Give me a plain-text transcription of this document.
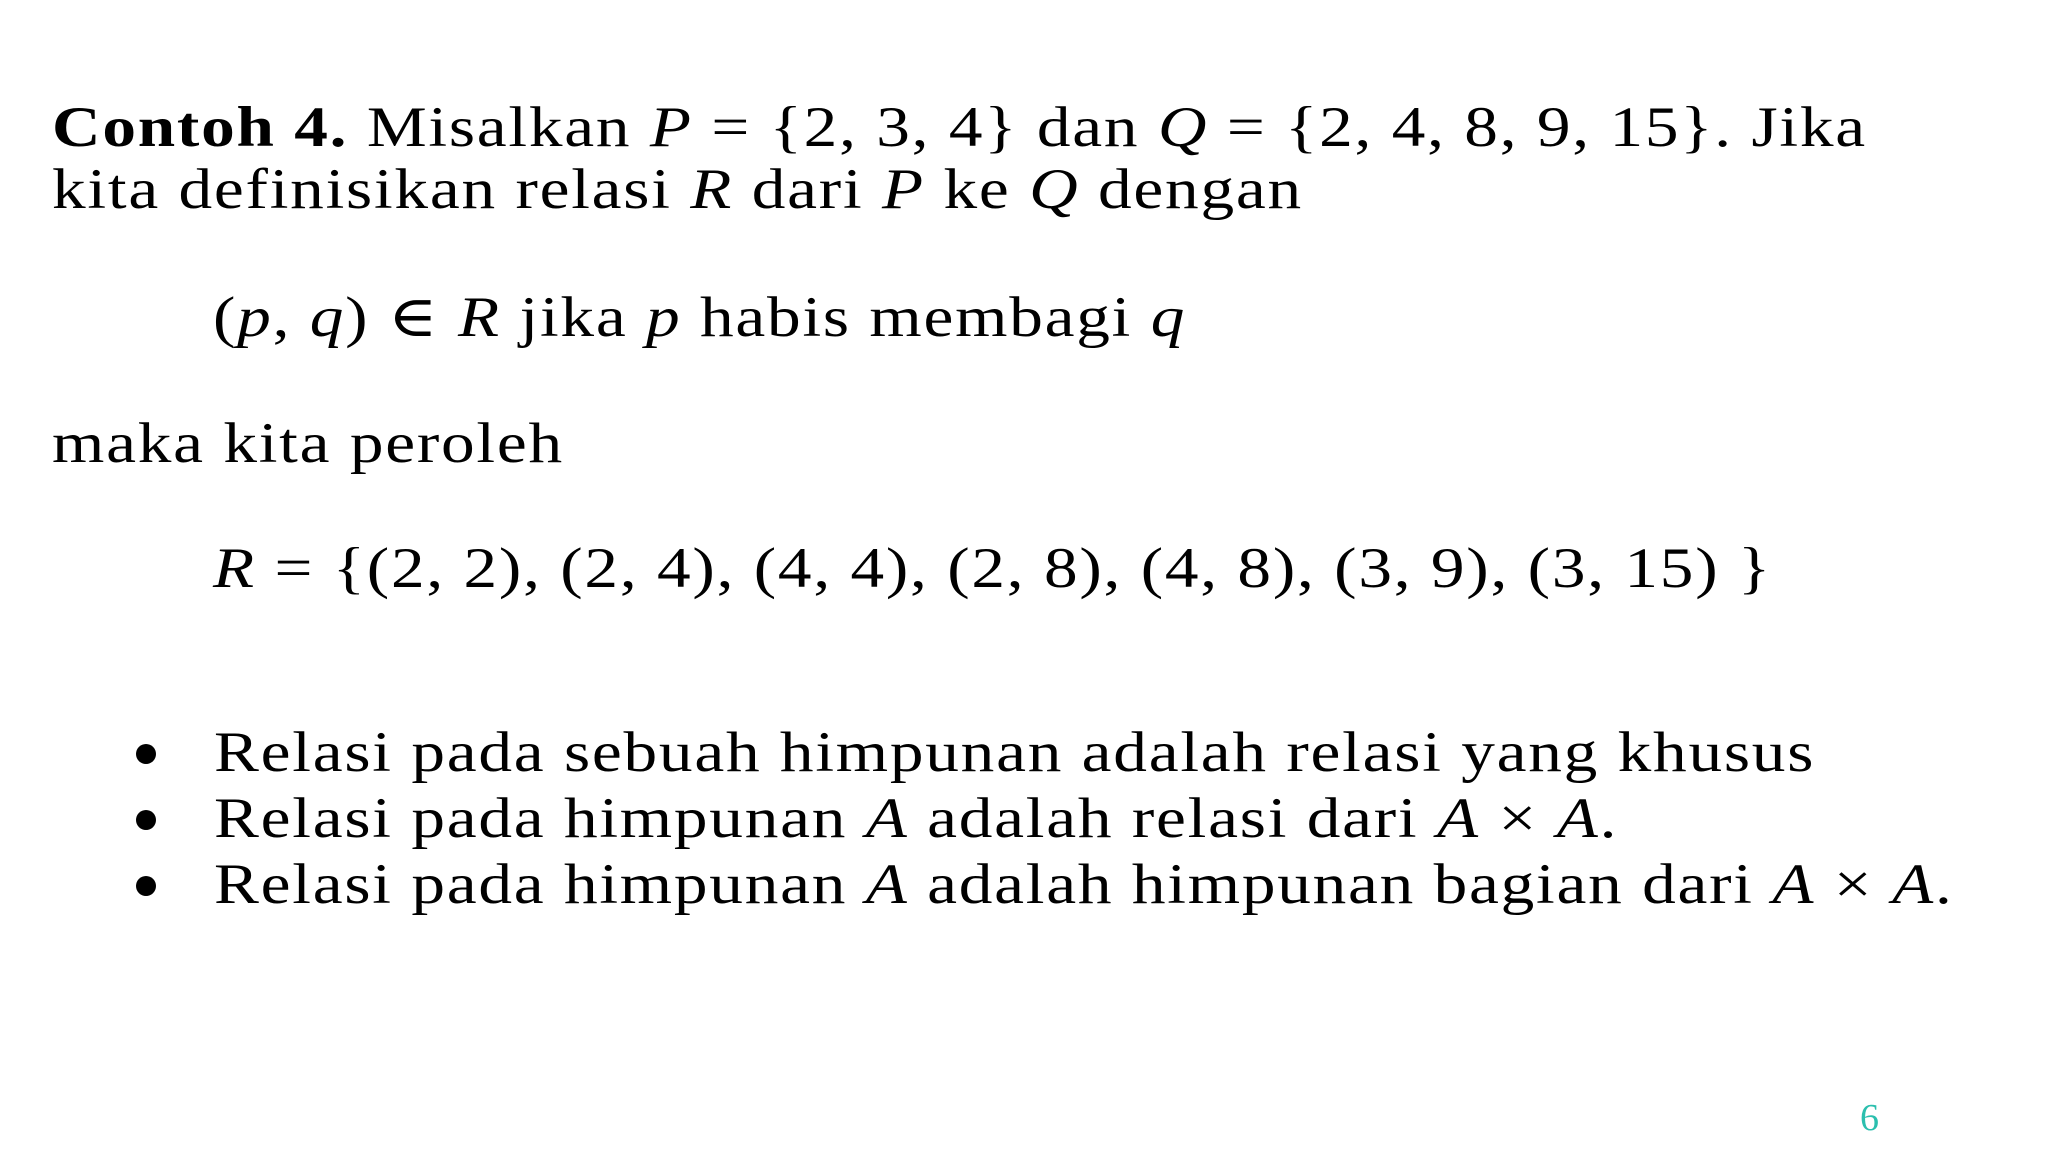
Contoh 4. Misalkan P = {2, 3, 4} dan Q = {2, 4, 8, 9, 15}. Jika
kita definisikan relasi R dari P ke Q dengan
(p, q) ∈ R jika p habis membagi q
maka kita peroleh
R = {(2, 2), (2, 4), (4, 4), (2, 8), (4, 8), (3, 9), (3, 15) }
Relasi pada sebuah himpunan adalah relasi yang khusus
Relasi pada himpunan A adalah relasi dari A × A.
Relasi pada himpunan A adalah himpunan bagian dari A × A.
6
